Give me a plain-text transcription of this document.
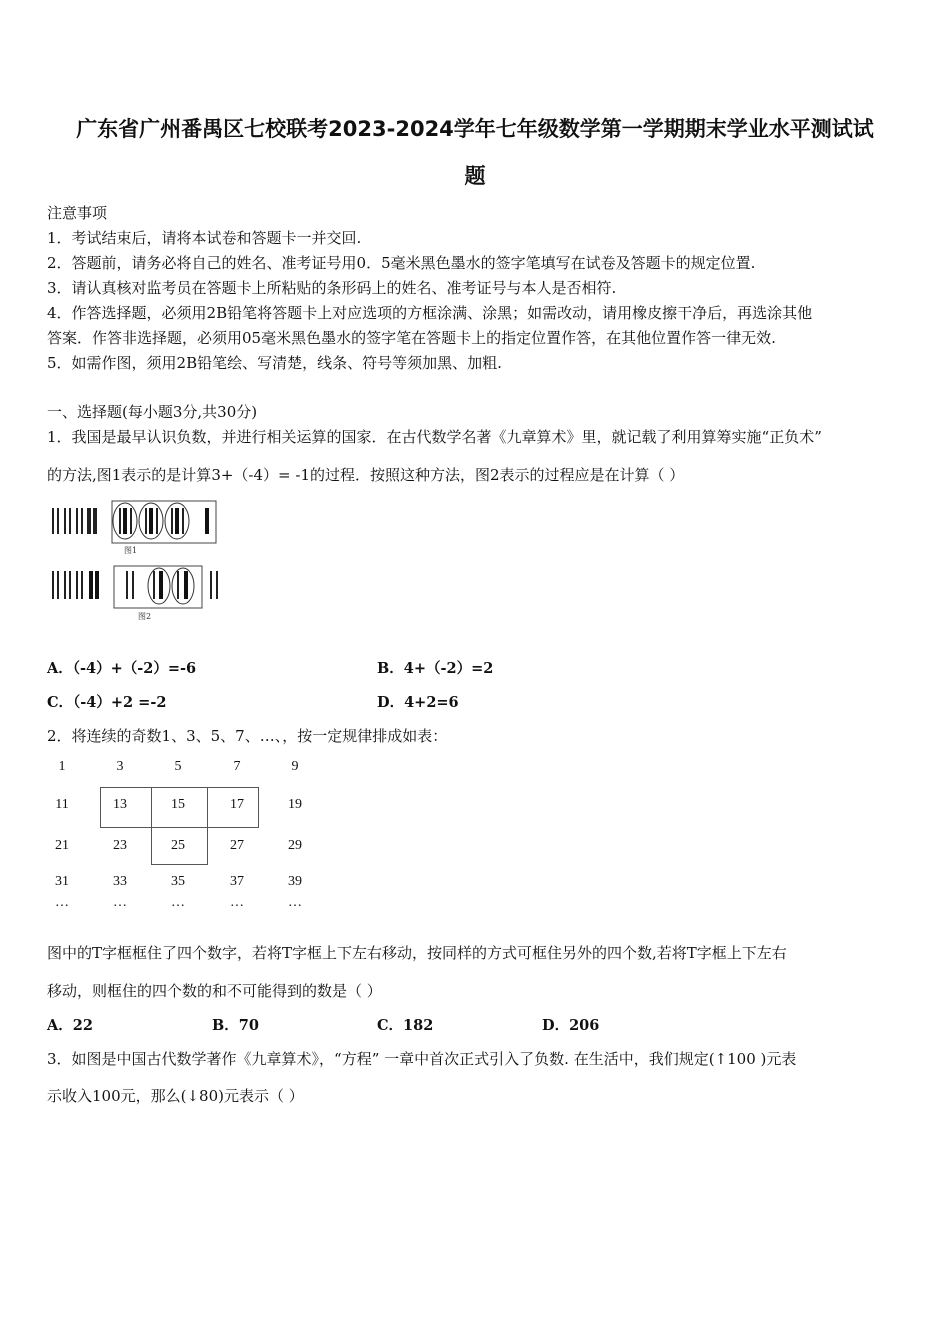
广东省广州番禺区七校联考2023-2024学年七年级数学第一学期期末学业水平测试试
题
注意事项
1．考试结束后，请将本试卷和答题卡一并交回.
2．答题前，请务必将自己的姓名、准考证号用0．5毫米黑色墨水的签字笔填写在试卷及答题卡的规定位置.
3．请认真核对监考员在答题卡上所粘贴的条形码上的姓名、准考证号与本人是否相符.
4．作答选择题，必须用2B铅笔将答题卡上对应选项的方框涂满、涂黑；如需改动，请用橡皮擦干净后，再选涂其他
答案．作答非选择题，必须用05毫米黑色墨水的签字笔在答题卡上的指定位置作答，在其他位置作答一律无效.
5．如需作图，须用2B铅笔绘、写清楚，线条、符号等须加黑、加粗.
一、选择题(每小题3分,共30分)
1．我国是最早认识负数，并进行相关运算的国家．在古代数学名著《九章算术》里，就记载了利用算筹实施“正负术”
的方法,图1表示的是计算3+（-4）= -1的过程．按照这种方法，图2表示的过程应是在计算（ ）
图1
图2
A．（-4）+（-2）=-6	B．4+（-2）=2
C．（-4）+2 =-2	D．4+2=6
2．将连续的奇数1、3、5、7、…、，按一定规律排成如表：
1	3	5	7	9
11	13	15	17	19
21	23	25	27	29
31	33	35	37	39
…	…	…	…	…
图中的T字框框住了四个数字，若将T字框上下左右移动，按同样的方式可框住另外的四个数,若将T字框上下左右
移动，则框住的四个数的和不可能得到的数是（ ）
A．22	B．70	C．182	D．206
3．如图是中国古代数学著作《九章算术》，“方程” 一章中首次正式引入了负数. 在生活中，我们规定(↑100 )元表
示收入100元，那么(↓80)元表示（ ）
